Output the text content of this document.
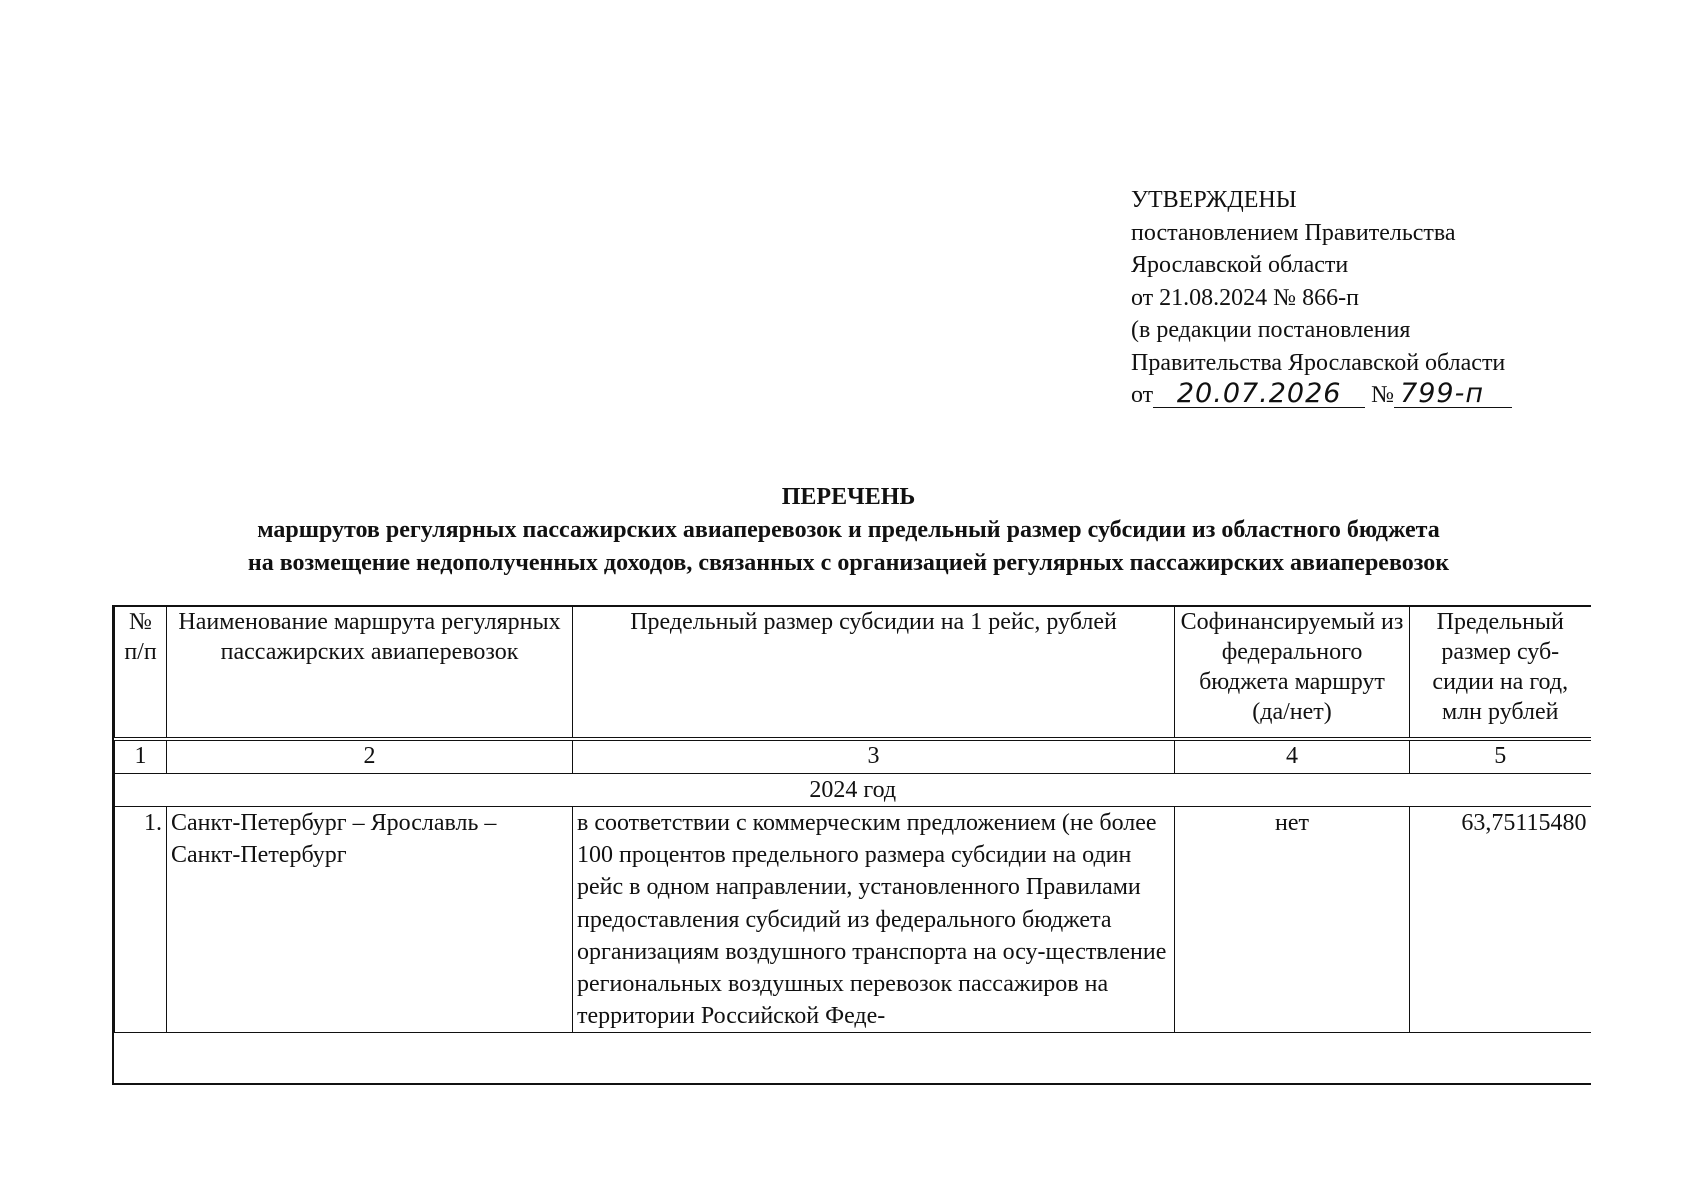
УТВЕРЖДЕНЫ
постановлением Правительства
Ярославской области
от 21.08.2024 № 866-п
(в редакции постановления
Правительства Ярославской области
от 20.07.2026 № 799-п
ПЕРЕЧЕНЬ
маршрутов регулярных пассажирских авиаперевозок и предельный размер субсидии из областного бюджета
на возмещение недополученных доходов, связанных с организацией регулярных пассажирских авиаперевозок
№ п/п	Наименование маршрута регулярных пассажирских авиаперевозок	Предельный размер субсидии на 1 рейс, рублей	Софинансируемый из федерального бюджета маршрут (да/нет)	Предельный размер суб-сидии на год, млн рублей
1	2	3	4	5
2024 год				
1.	Санкт-Петербург – Ярославль – Санкт-Петербург	в соответствии с коммерческим предложением (не более 100 процентов предельного размера субсидии на один рейс в одном направлении, установленного Правилами предоставления субсидий из федерального бюджета организациям воздушного транспорта на осу-ществление региональных воздушных перевозок пассажиров на территории Российской Феде-	нет	63,75115480
